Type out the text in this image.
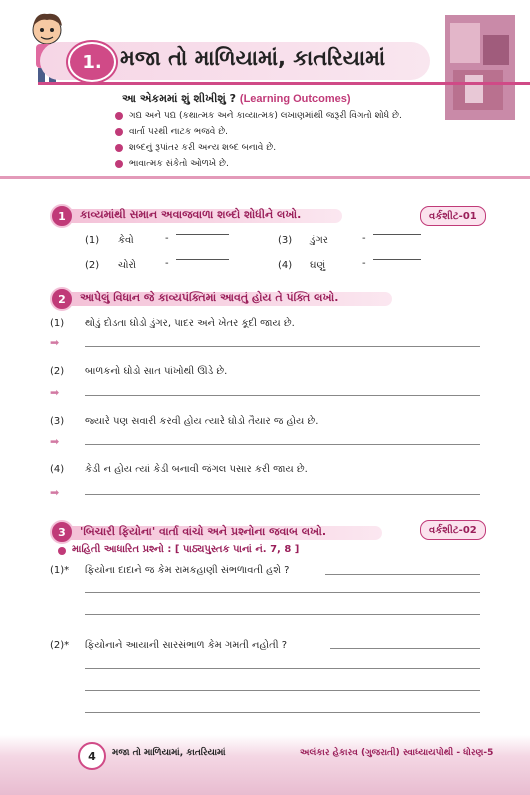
1. મજા તો માળિયામાં, કાતરિયામાં
આ એકમમાં શું શીખીશું ? (Learning Outcomes)
ગદ્ય અને પદ્ય (કથાત્મક અને કાવ્યાત્મક) લખાણમાંથી જરૂરી વિગતો શોધે છે.
વાર્તા પરથી નાટક ભજવે છે.
શબ્દનું રૂપાંતર કરી અન્ય શબ્દ બનાવે છે.
ભાવાત્મક સંકેતો ઓળખે છે.
1	કાવ્યમાંથી સમાન અવાજવાળા શબ્દો શોધીને લખો.	વર્કશીટ-01
(1) કેવો	-	(3) ડુંગર	-
(2) ચોરો	-	(4) ઘણું	-
2	આપેલું વિધાન જે કાવ્યપંક્તિમાં આવતું હોય તે પંક્તિ લખો.
(1) થોડું દોડતા ઘોડો ડુંગર, પાદર અને ખેતર કૂદી જાય છે.
➡
(2) બાળકનો ઘોડો સાત પાંખોથી ઊડે છે.
➡
(3) જ્યારે પણ સવારી કરવી હોય ત્યારે ઘોડો તૈયાર જ હોય છે.
➡
(4) કેડી ન હોય ત્યાં કેડી બનાવી જંગલ પસાર કરી જાય છે.
➡
3	'બિચારી ફિયોના' વાર્તા વાંચો અને પ્રશ્નોના જવાબ લખો.	વર્કશીટ-02
માહિતી આધારિત પ્રશ્નો : [ પાઠ્યપુસ્તક પાનાં નં. 7, 8 ]
(1)* ફિયોના દાદાને જ કેમ રામકહાણી સંભળાવતી હશે ?
(2)* ફિયોનાને આયાની સારસંભાળ કેમ ગમતી નહોતી ?
4	મજા તો માળિયામાં, કાતરિયામાં	અલંકાર હેકારવ (ગુજરાતી) સ્વાધ્યાયપોથી - ધોરણ-5
